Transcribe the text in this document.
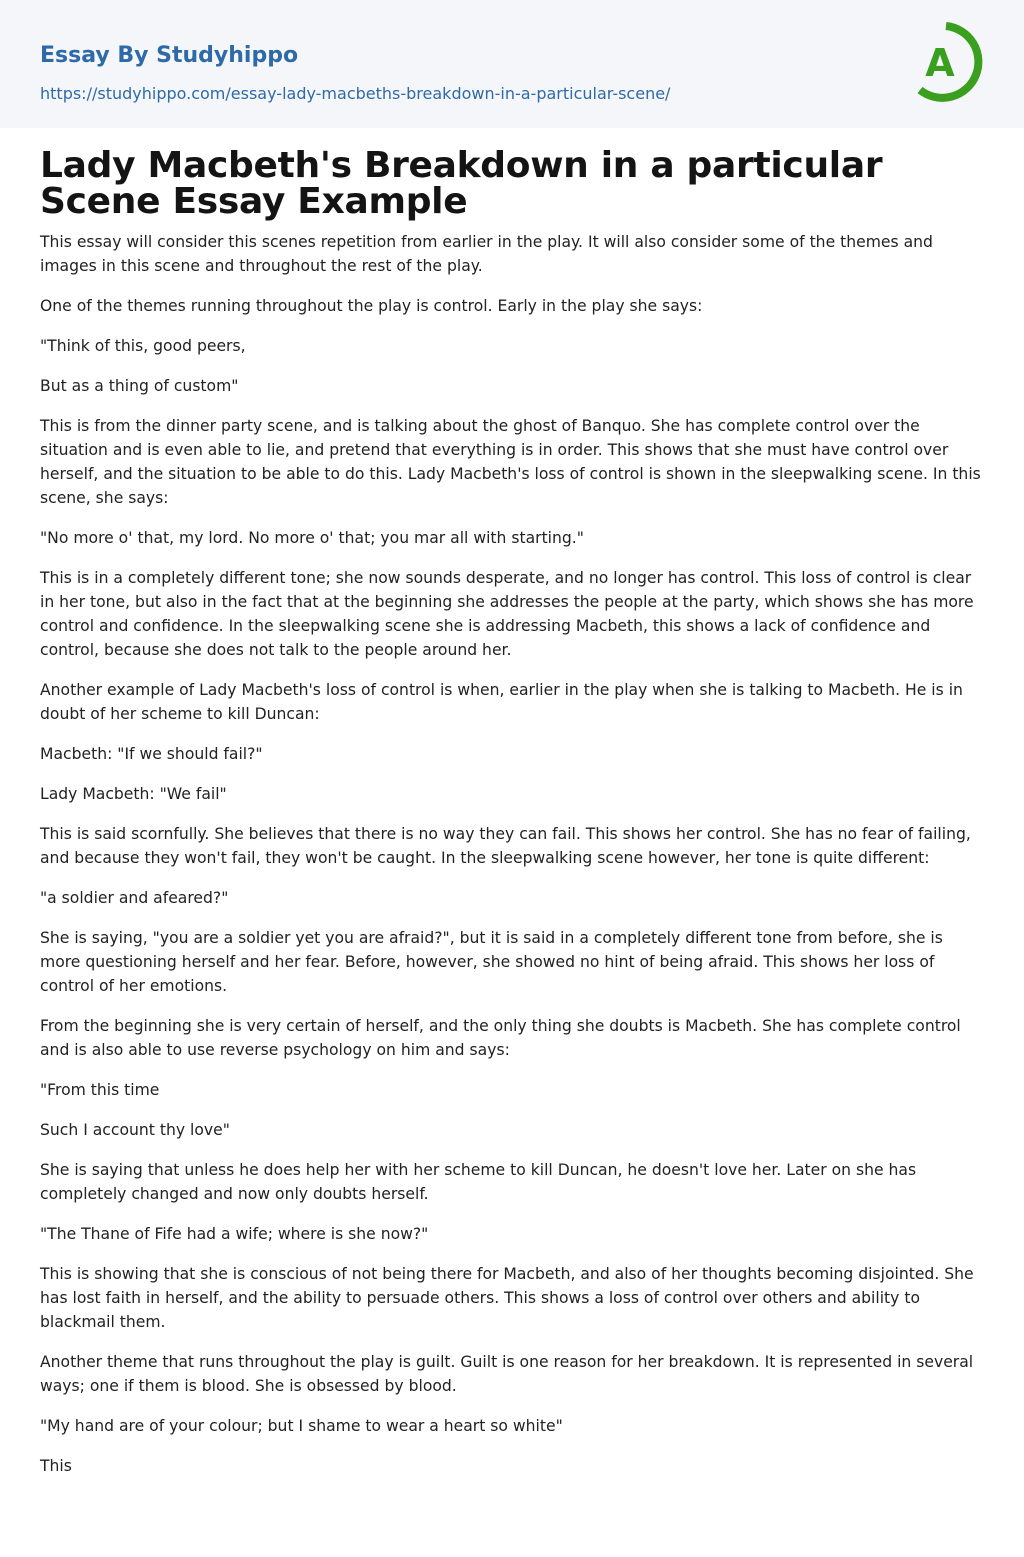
Essay By Studyhippo
https://studyhippo.com/essay-lady-macbeths-breakdown-in-a-particular-scene/
A
Lady Macbeth's Breakdown in a particular Scene Essay Example

This essay will consider this scenes repetition from earlier in the play. It will also consider some of the themes and images in this scene and throughout the rest of the play.

One of the themes running throughout the play is control. Early in the play she says:

"Think of this, good peers,

But as a thing of custom"

This is from the dinner party scene, and is talking about the ghost of Banquo. She has complete control over the situation and is even able to lie, and pretend that everything is in order. This shows that she must have control over herself, and the situation to be able to do this. Lady Macbeth's loss of control is shown in the sleepwalking scene. In this scene, she says:

"No more o' that, my lord. No more o' that; you mar all with starting."

This is in a completely different tone; she now sounds desperate, and no longer has control. This loss of control is clear in her tone, but also in the fact that at the beginning she addresses the people at the party, which shows she has more control and confidence. In the sleepwalking scene she is addressing Macbeth, this shows a lack of confidence and control, because she does not talk to the people around her.

Another example of Lady Macbeth's loss of control is when, earlier in the play when she is talking to Macbeth. He is in doubt of her scheme to kill Duncan:

Macbeth: "If we should fail?"

Lady Macbeth: "We fail"

This is said scornfully. She believes that there is no way they can fail. This shows her control. She has no fear of failing, and because they won't fail, they won't be caught. In the sleepwalking scene however, her tone is quite different:

"a soldier and afeared?"

She is saying, "you are a soldier yet you are afraid?", but it is said in a completely different tone from before, she is more questioning herself and her fear. Before, however, she showed no hint of being afraid. This shows her loss of control of her emotions.

From the beginning she is very certain of herself, and the only thing she doubts is Macbeth. She has complete control and is also able to use reverse psychology on him and says:

"From this time

Such I account thy love"

She is saying that unless he does help her with her scheme to kill Duncan, he doesn't love her. Later on she has completely changed and now only doubts herself.

"The Thane of Fife had a wife; where is she now?"

This is showing that she is conscious of not being there for Macbeth, and also of her thoughts becoming disjointed. She has lost faith in herself, and the ability to persuade others. This shows a loss of control over others and ability to blackmail them.

Another theme that runs throughout the play is guilt. Guilt is one reason for her breakdown. It is represented in several ways; one if them is blood. She is obsessed by blood.

"My hand are of your colour; but I shame to wear a heart so white"

This
